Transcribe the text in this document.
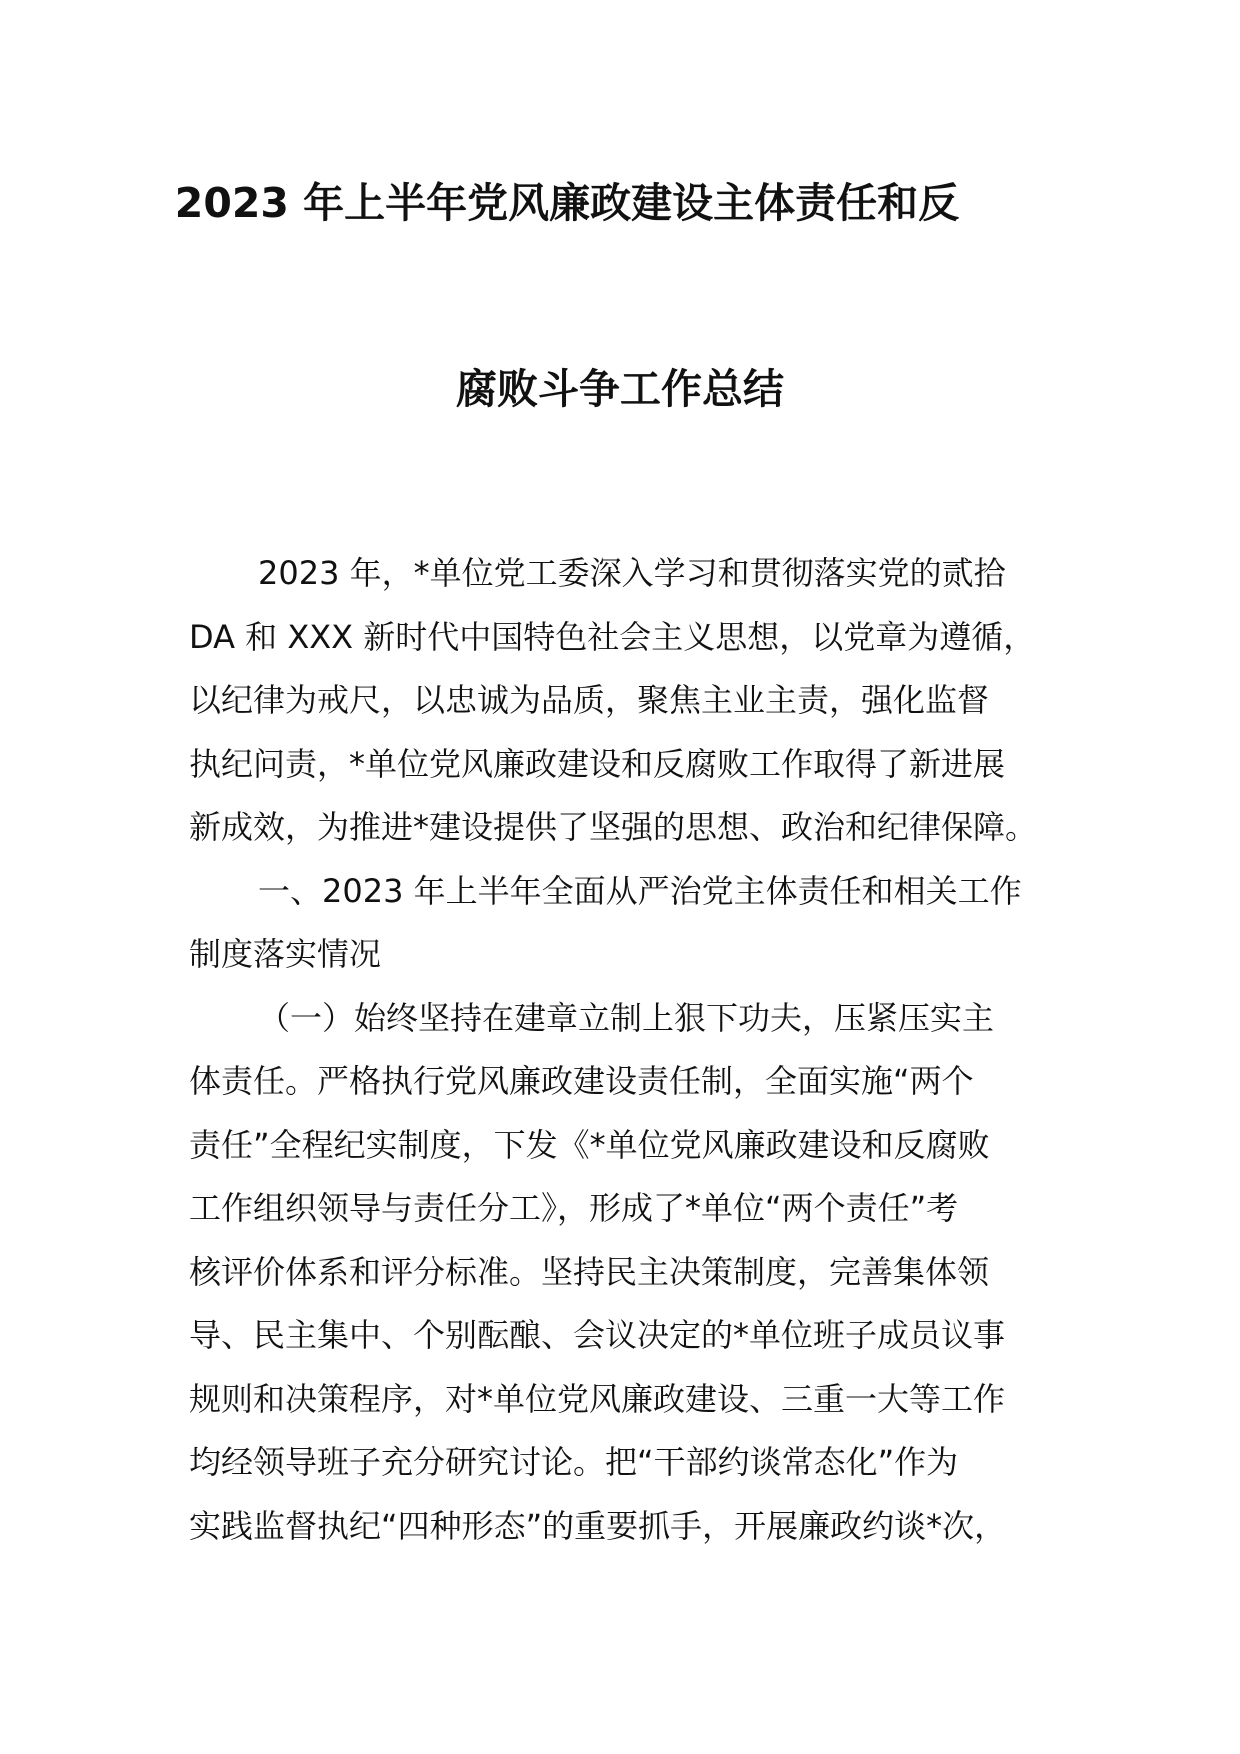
2023 年上半年党风廉政建设主体责任和反
腐败斗争工作总结
2023 年，*单位党工委深入学习和贯彻落实党的贰拾
DA 和 XXX 新时代中国特色社会主义思想，以党章为遵循，
以纪律为戒尺，以忠诚为品质，聚焦主业主责，强化监督
执纪问责，*单位党风廉政建设和反腐败工作取得了新进展
新成效，为推进*建设提供了坚强的思想、政治和纪律保障。
一、2023 年上半年全面从严治党主体责任和相关工作
制度落实情况
（一）始终坚持在建章立制上狠下功夫，压紧压实主
体责任。严格执行党风廉政建设责任制，全面实施“两个
责任”全程纪实制度，下发《*单位党风廉政建设和反腐败
工作组织领导与责任分工》，形成了*单位“两个责任”考
核评价体系和评分标准。坚持民主决策制度，完善集体领
导、民主集中、个别酝酿、会议决定的*单位班子成员议事
规则和决策程序，对*单位党风廉政建设、三重一大等工作
均经领导班子充分研究讨论。把“干部约谈常态化”作为
实践监督执纪“四种形态”的重要抓手，开展廉政约谈*次，
